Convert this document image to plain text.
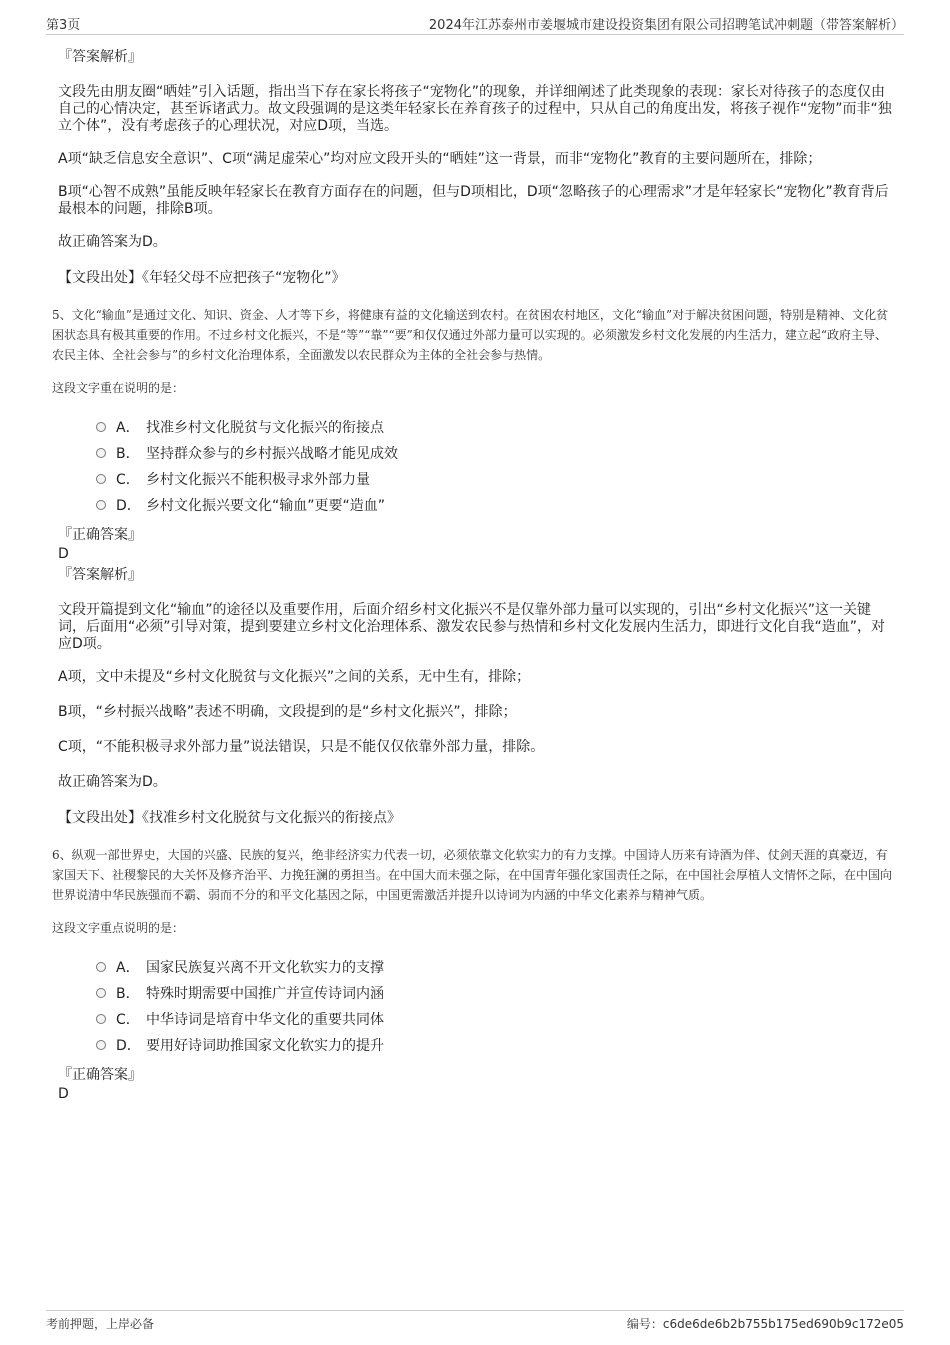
第3页	2024年江苏泰州市姜堰城市建设投资集团有限公司招聘笔试冲刺题（带答案解析）
『答案解析』
文段先由朋友圈“晒娃”引入话题，指出当下存在家长将孩子“宠物化”的现象，并详细阐述了此类现象的表现：家长对待孩子的态度仅由自己的心情决定，甚至诉诸武力。故文段强调的是这类年轻家长在养育孩子的过程中，只从自己的角度出发，将孩子视作“宠物”而非“独立个体”，没有考虑孩子的心理状况，对应D项，当选。
A项“缺乏信息安全意识”、C项“满足虚荣心”均对应文段开头的“晒娃”这一背景，而非“宠物化”教育的主要问题所在，排除；
B项“心智不成熟”虽能反映年轻家长在教育方面存在的问题，但与D项相比，D项“忽略孩子的心理需求”才是年轻家长“宠物化”教育背后最根本的问题，排除B项。
故正确答案为D。
【文段出处】《年轻父母不应把孩子“宠物化”》
5、文化“输血”是通过文化、知识、资金、人才等下乡，将健康有益的文化输送到农村。在贫困农村地区，文化“输血”对于解决贫困问题，特别是精神、文化贫困状态具有极其重要的作用。不过乡村文化振兴，不是“等”“靠”“要”和仅仅通过外部力量可以实现的。必须激发乡村文化发展的内生活力，建立起“政府主导、农民主体、全社会参与”的乡村文化治理体系，全面激发以农民群众为主体的全社会参与热情。
这段文字重在说明的是：
A． 找准乡村文化脱贫与文化振兴的衔接点
B． 坚持群众参与的乡村振兴战略才能见成效
C． 乡村文化振兴不能积极寻求外部力量
D． 乡村文化振兴要文化“输血”更要“造血”
『正确答案』
D
『答案解析』
文段开篇提到文化“输血”的途径以及重要作用，后面介绍乡村文化振兴不是仅靠外部力量可以实现的，引出“乡村文化振兴”这一关键词，后面用“必须”引导对策，提到要建立乡村文化治理体系、激发农民参与热情和乡村文化发展内生活力，即进行文化自我“造血”，对应D项。
A项，文中未提及“乡村文化脱贫与文化振兴”之间的关系，无中生有，排除；
B项，“乡村振兴战略”表述不明确，文段提到的是“乡村文化振兴”，排除；
C项，“不能积极寻求外部力量”说法错误，只是不能仅仅依靠外部力量，排除。
故正确答案为D。
【文段出处】《找准乡村文化脱贫与文化振兴的衔接点》
6、纵观一部世界史，大国的兴盛、民族的复兴，绝非经济实力代表一切，必须依靠文化软实力的有力支撑。中国诗人历来有诗酒为伴、仗剑天涯的真豪迈，有家国天下、社稷黎民的大关怀及修齐治平、力挽狂澜的勇担当。在中国大而未强之际，在中国青年强化家国责任之际，在中国社会厚植人文情怀之际，在中国向世界说清中华民族强而不霸、弱而不分的和平文化基因之际，中国更需激活并提升以诗词为内涵的中华文化素养与精神气质。
这段文字重点说明的是：
A． 国家民族复兴离不开文化软实力的支撑
B． 特殊时期需要中国推广并宣传诗词内涵
C． 中华诗词是培育中华文化的重要共同体
D． 要用好诗词助推国家文化软实力的提升
『正确答案』
D
考前押题，上岸必备	编号：c6de6de6b2b755b175ed690b9c172e05
